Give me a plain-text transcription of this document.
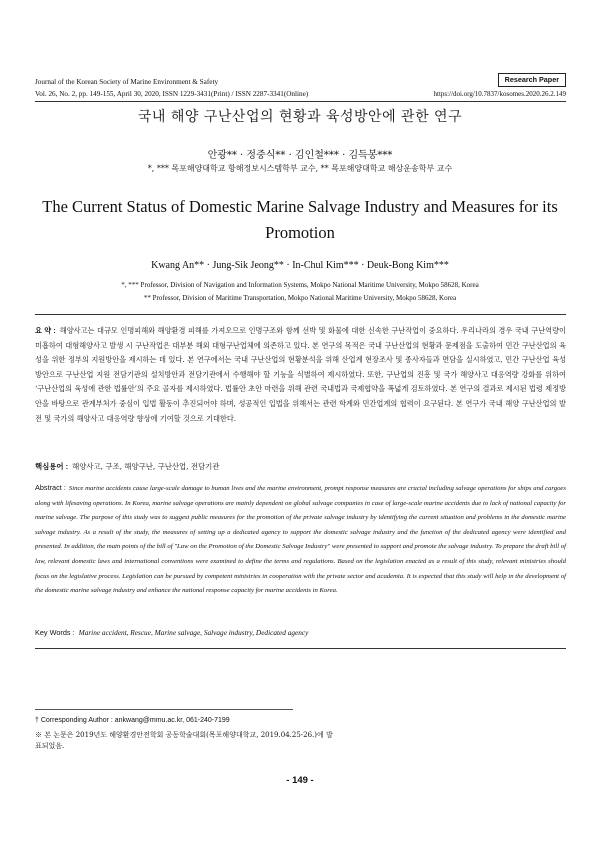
Journal of the Korean Society of Marine Environment & Safety	Research Paper
Vol. 26, No. 2, pp. 149-155, April 30, 2020, ISSN 1229-3431(Print) / ISSN 2287-3341(Online)	https://doi.org/10.7837/kosomes.2020.26.2.149
국내 해양 구난산업의 현황과 육성방안에 관한 연구
안광** · 정중식** · 김인철*** · 김득봉***
*, *** 목포해양대학교 항해정보시스템학부 교수, ** 목포해양대학교 해상운송학부 교수
The Current Status of Domestic Marine Salvage Industry and Measures for its Promotion
Kwang An** · Jung-Sik Jeong** · In-Chul Kim*** · Deuk-Bong Kim***
*, *** Professor, Division of Navigation and Information Systems, Mokpo National Maritime University, Mokpo 58628, Korea
** Professor, Division of Maritime Transportation, Mokpo National Maritime University, Mokpo 58628, Korea
요 약 : 해양사고는 대규모 인명피해와 해양환경 피해를 가져오므로 인명구조와 함께 선박 및 화물에 대한 신속한 구난작업이 중요하다. 우리나라의 경우 국내 구난역량이 미흡하여 대형해양사고 발생 시 구난작업은 대부분 해외 대형구난업체에 의존하고 있다. 본 연구의 목적은 국내 구난산업의 현황과 문제점을 도출하여 민간 구난산업의 육성을 위한 정부의 지원방안을 제시하는 데 있다. 본 연구에서는 국내 구난산업의 현황분석을 위해 산업계 현장조사 및 종사자들과 면담을 실시하였고, 민간 구난산업 육성방안으로 구난산업 지원 전담기관의 설치방안과 전담기관에서 수행해야 할 기능을 식별하여 제시하였다. 또한, 구난업의 진흥 및 국가 해양사고 대응역량 강화를 위하여 ‘구난산업의 육성에 관한 법률안’의 주요 골자를 제시하였다. 법률안 초안 마련을 위해 관련 국내법과 국제협약을 폭넓게 검토하였다. 본 연구의 결과로 제시된 법령 제정방안을 바탕으로 관계부처가 중심이 입법 활동이 추진되어야 하며, 성공적인 입법을 위해서는 관련 학계와 민간업계의 협력이 요구된다. 본 연구가 국내 해양 구난산업의 발전 및 국가의 해양사고 대응역량 향상에 기여할 것으로 기대한다.
핵심용어 : 해양사고, 구조, 해양구난, 구난산업, 전담기관
Abstract : Since marine accidents cause large-scale damage to human lives and the marine environment, prompt response measures are crucial including salvage operations for ships and cargoes along with lifesaving operations. In Korea, marine salvage operations are mainly dependent on global salvage companies in case of large-scale marine accidents due to lack of national capacity for marine salvage. The purpose of this study was to suggest public measures for the promotion of the private salvage industry by identifying the current situation and problems in the domestic marine salvage industry. As a result of the study, the measures of setting up a dedicated agency to support the domestic salvage industry and the function of the dedicated agency were identified and presented. In addition, the main points of the bill of "Law on the Promotion of the Domestic Salvage Industry" were presented to support and promote the salvage industry. To prepare the draft bill of law, relevant domestic laws and international conventions were examined to define the terms and regulations. Based on the legislation enacted as a result of this study, relevant ministries should focus on the legislative process. Legislation can be pursued by competent ministries in cooperation with the private sector and academia. It is expected that this study will help in the development of the domestic marine salvage industry and enhance the national response capacity for marine accidents in Korea.
Key Words : Marine accident, Rescue, Marine salvage, Salvage industry, Dedicated agency
† Corresponding Author : ankwang@mmu.ac.kr, 061-240-7199
※ 본 논문은 2019년도 해양환경안전학회 공동학술대회(목포해양대학교, 2019.04.25-26.)에 발표되었음.
- 149 -
